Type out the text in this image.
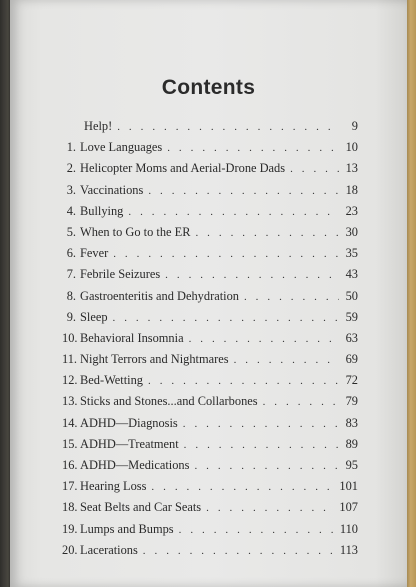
Contents
Help! . . .	9
1. Love Languages . . .	10
2. Helicopter Moms and Aerial-Drone Dads . . .	13
3. Vaccinations . . .	18
4. Bullying . . .	23
5. When to Go to the ER . . .	30
6. Fever . . .	35
7. Febrile Seizures . . .	43
8. Gastroenteritis and Dehydration . . .	50
9. Sleep . . .	59
10. Behavioral Insomnia . . .	63
11. Night Terrors and Nightmares . . .	69
12. Bed-Wetting . . .	72
13. Sticks and Stones...and Collarbones . . .	79
14. ADHD—Diagnosis . . .	83
15. ADHD—Treatment . . .	89
16. ADHD—Medications . . .	95
17. Hearing Loss . . .	101
18. Seat Belts and Car Seats . . .	107
19. Lumps and Bumps . . .	110
20. Lacerations . . .	113
